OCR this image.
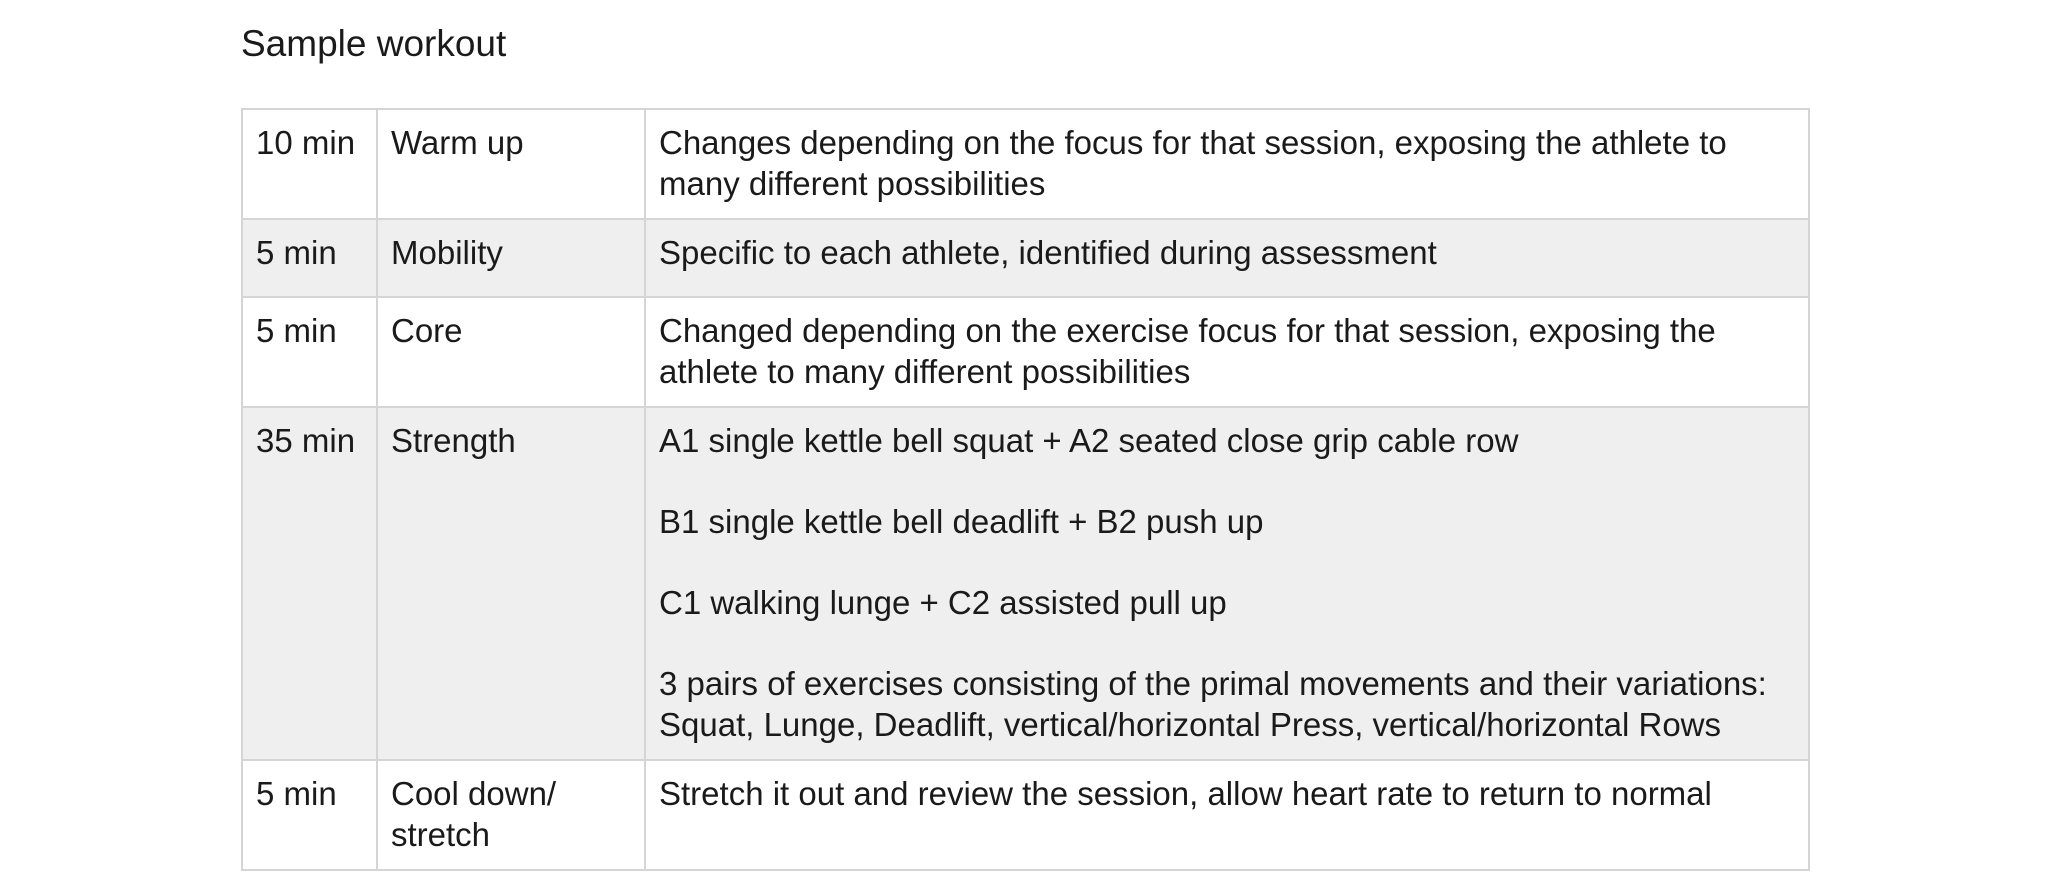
Sample workout
10 min	Warm up	Changes depending on the focus for that session, exposing the athlete to many different possibilities

5 min	Mobility	Specific to each athlete, identified during assessment

5 min	Core	Changed depending on the exercise focus for that session, exposing the athlete to many different possibilities

35 min	Strength	A1 single kettle bell squat + A2 seated close grip cable row
B1 single kettle bell deadlift + B2 push up
C1 walking lunge + C2 assisted pull up
3 pairs of exercises consisting of the primal movements and their variations: Squat, Lunge, Deadlift, vertical/horizontal Press, vertical/horizontal Rows

5 min	Cool down/ stretch	Stretch it out and review the session, allow heart rate to return to normal
